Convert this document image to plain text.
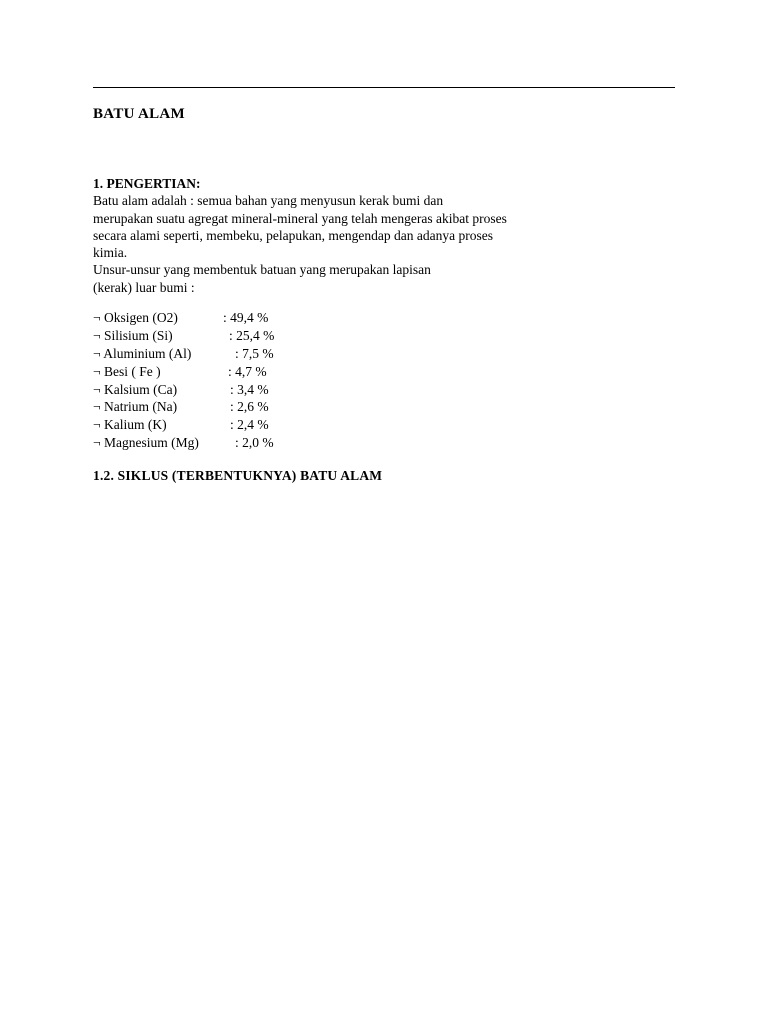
BATU ALAM
1. PENGERTIAN:
Batu alam adalah : semua bahan yang menyusun kerak bumi dan
merupakan suatu agregat mineral-mineral yang telah mengeras akibat proses
secara alami seperti, membeku, pelapukan, mengendap dan adanya proses
kimia.
Unsur-unsur yang membentuk batuan yang merupakan lapisan
(kerak) luar bumi :
¬ Oksigen (O2)	: 49,4 %
¬ Silisium (Si)	: 25,4 %
¬ Aluminium (Al)	: 7,5 %
¬ Besi ( Fe )	: 4,7 %
¬ Kalsium (Ca)	: 3,4 %
¬ Natrium (Na)	: 2,6 %
¬ Kalium (K)	: 2,4 %
¬ Magnesium (Mg)	: 2,0 %
1.2. SIKLUS (TERBENTUKNYA) BATU ALAM
